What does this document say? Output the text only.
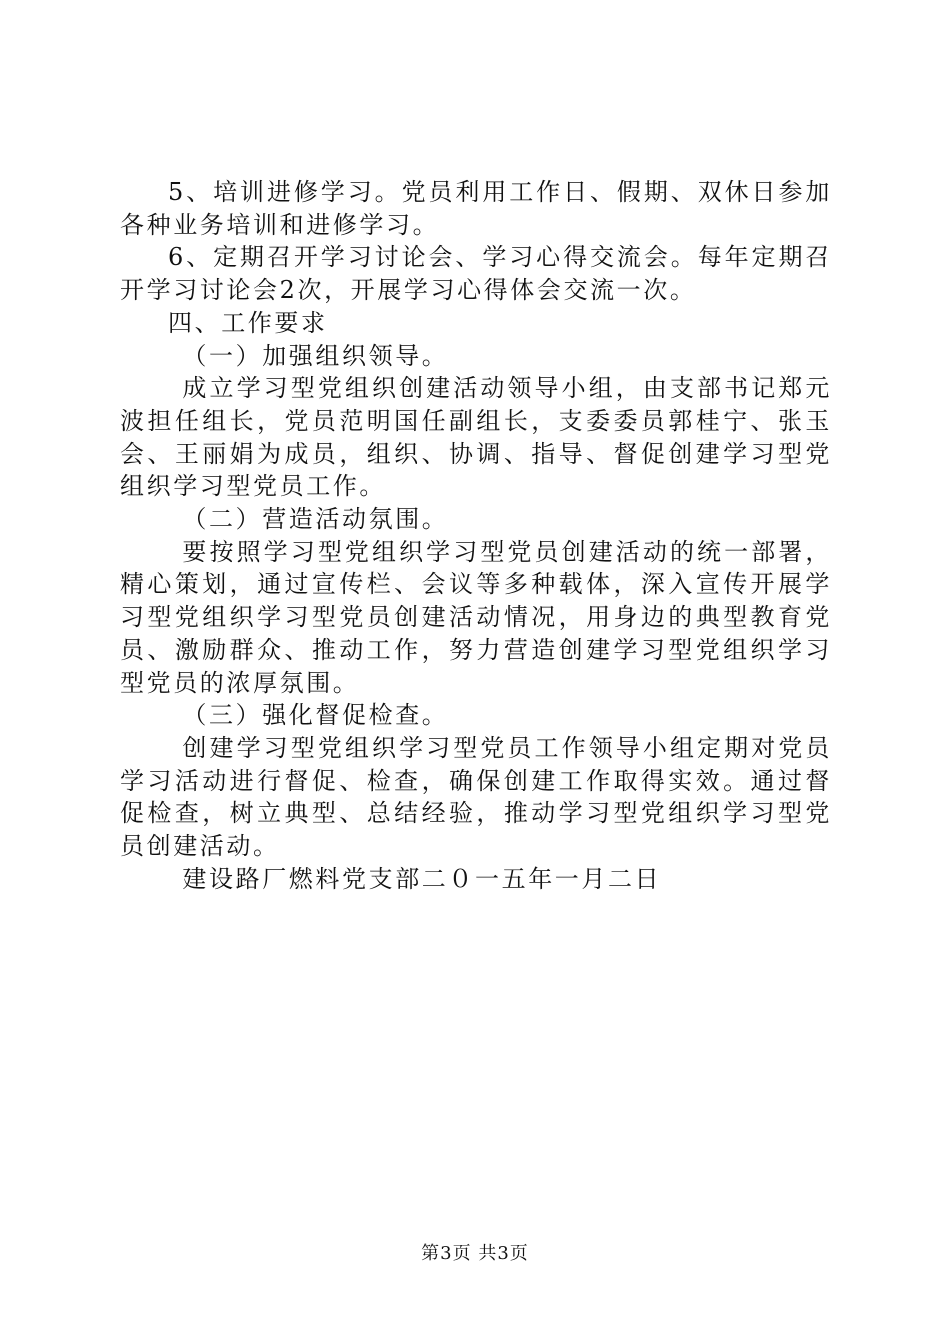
5、培训进修学习。党员利用工作日、假期、双休日参加各种业务培训和进修学习。

6、定期召开学习讨论会、学习心得交流会。每年定期召开学习讨论会2次，开展学习心得体会交流一次。

四、工作要求

（一）加强组织领导。

成立学习型党组织创建活动领导小组，由支部书记郑元波担任组长，党员范明国任副组长，支委委员郭桂宁、张玉会、王丽娟为成员，组织、协调、指导、督促创建学习型党组织学习型党员工作。

（二）营造活动氛围。

要按照学习型党组织学习型党员创建活动的统一部署，精心策划，通过宣传栏、会议等多种载体，深入宣传开展学习型党组织学习型党员创建活动情况，用身边的典型教育党员、激励群众、推动工作，努力营造创建学习型党组织学习型党员的浓厚氛围。

（三）强化督促检查。

创建学习型党组织学习型党员工作领导小组定期对党员学习活动进行督促、检查，确保创建工作取得实效。通过督促检查，树立典型、总结经验，推动学习型党组织学习型党员创建活动。

建设路厂燃料党支部二０一五年一月二日

第3页 共3页
